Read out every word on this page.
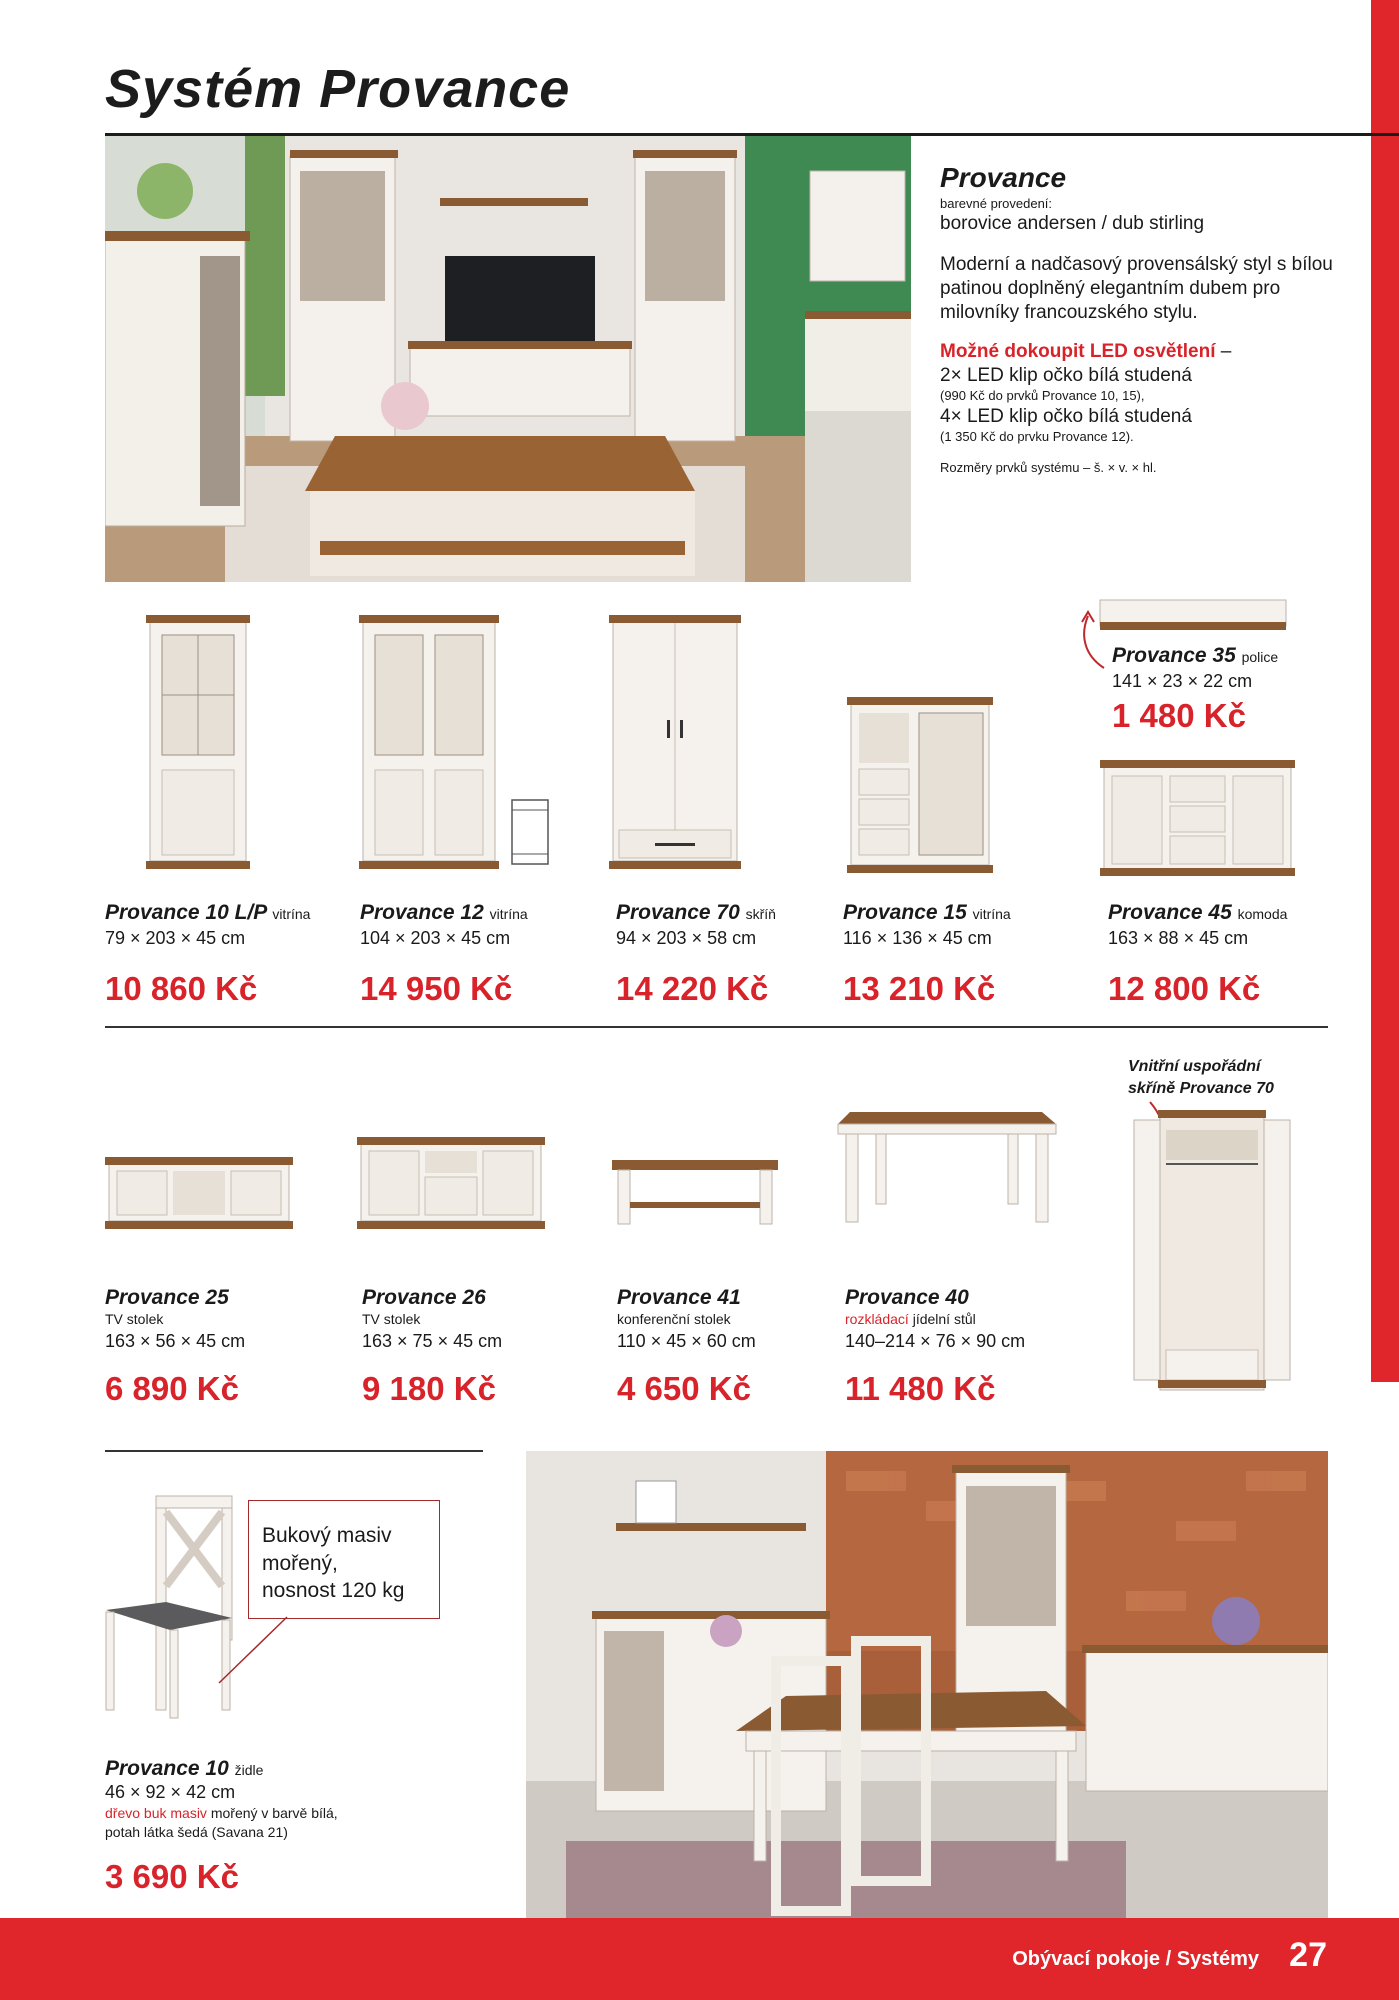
Systém Provance

Provance

barevné provedení:

borovice andersen / dub stirling

Moderní a nadčasový provensálský styl s bílou patinou doplněný elegantním dubem pro milovníky francouzského stylu.

Možné dokoupit LED osvětlení –

2× LED klip očko bílá studená

(990 Kč do prvků Provance 10, 15),

4× LED klip očko bílá studená

(1 350 Kč do prvku Provance 12).

Rozměry prvků systému – š. × v. × hl.

Provance 35 police
141 × 23 × 22 cm
1 480 Kč
Provance 10 L/P vitrína
79 × 203 × 45 cm
10 860 Kč
Provance 12 vitrína
104 × 203 × 45 cm
14 950 Kč
Provance 70 skříň
94 × 203 × 58 cm
14 220 Kč
Provance 15 vitrína
116 × 136 × 45 cm
13 210 Kč
Provance 45 komoda
163 × 88 × 45 cm
12 800 Kč
Vnitřní uspořádní
skříně Provance 70
Provance 25
TV stolek
163 × 56 × 45 cm
6 890 Kč
Provance 26
TV stolek
163 × 75 × 45 cm
9 180 Kč
Provance 41
konferenční stolek
110 × 45 × 60 cm
4 650 Kč
Provance 40
rozkládací jídelní stůl
140–214 × 76 × 90 cm
11 480 Kč
Bukový masiv
mořený,
nosnost 120 kg
Provance 10 židle
46 × 92 × 42 cm
dřevo buk masiv mořený v barvě bílá,
potah látka šedá (Savana 21)
3 690 Kč
Obývací pokoje / Systémy 27
